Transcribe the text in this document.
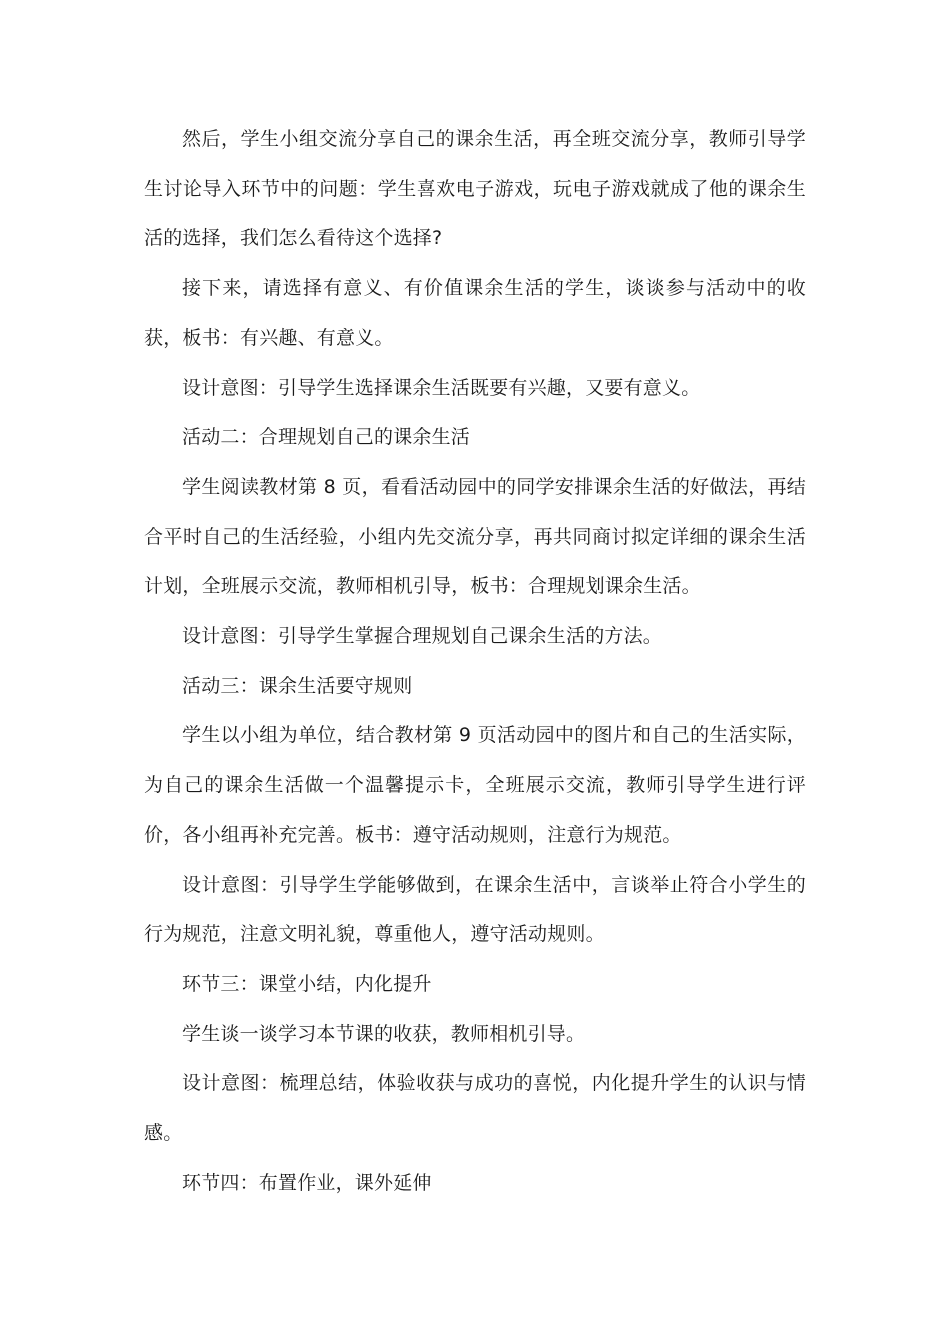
然后，学生小组交流分享自己的课余生活，再全班交流分享，教师引导学生讨论导入环节中的问题：学生喜欢电子游戏，玩电子游戏就成了他的课余生活的选择，我们怎么看待这个选择?

接下来，请选择有意义、有价值课余生活的学生，谈谈参与活动中的收获，板书：有兴趣、有意义。

设计意图：引导学生选择课余生活既要有兴趣，又要有意义。

活动二：合理规划自己的课余生活

学生阅读教材第 8 页，看看活动园中的同学安排课余生活的好做法，再结合平时自己的生活经验，小组内先交流分享，再共同商讨拟定详细的课余生活计划，全班展示交流，教师相机引导，板书：合理规划课余生活。

设计意图：引导学生掌握合理规划自己课余生活的方法。

活动三：课余生活要守规则

学生以小组为单位，结合教材第 9 页活动园中的图片和自己的生活实际，为自己的课余生活做一个温馨提示卡，全班展示交流，教师引导学生进行评价，各小组再补充完善。板书：遵守活动规则，注意行为规范。

设计意图：引导学生学能够做到，在课余生活中，言谈举止符合小学生的行为规范，注意文明礼貌，尊重他人，遵守活动规则。

环节三：课堂小结，内化提升

学生谈一谈学习本节课的收获，教师相机引导。

设计意图：梳理总结，体验收获与成功的喜悦，内化提升学生的认识与情感。

环节四：布置作业，课外延伸
